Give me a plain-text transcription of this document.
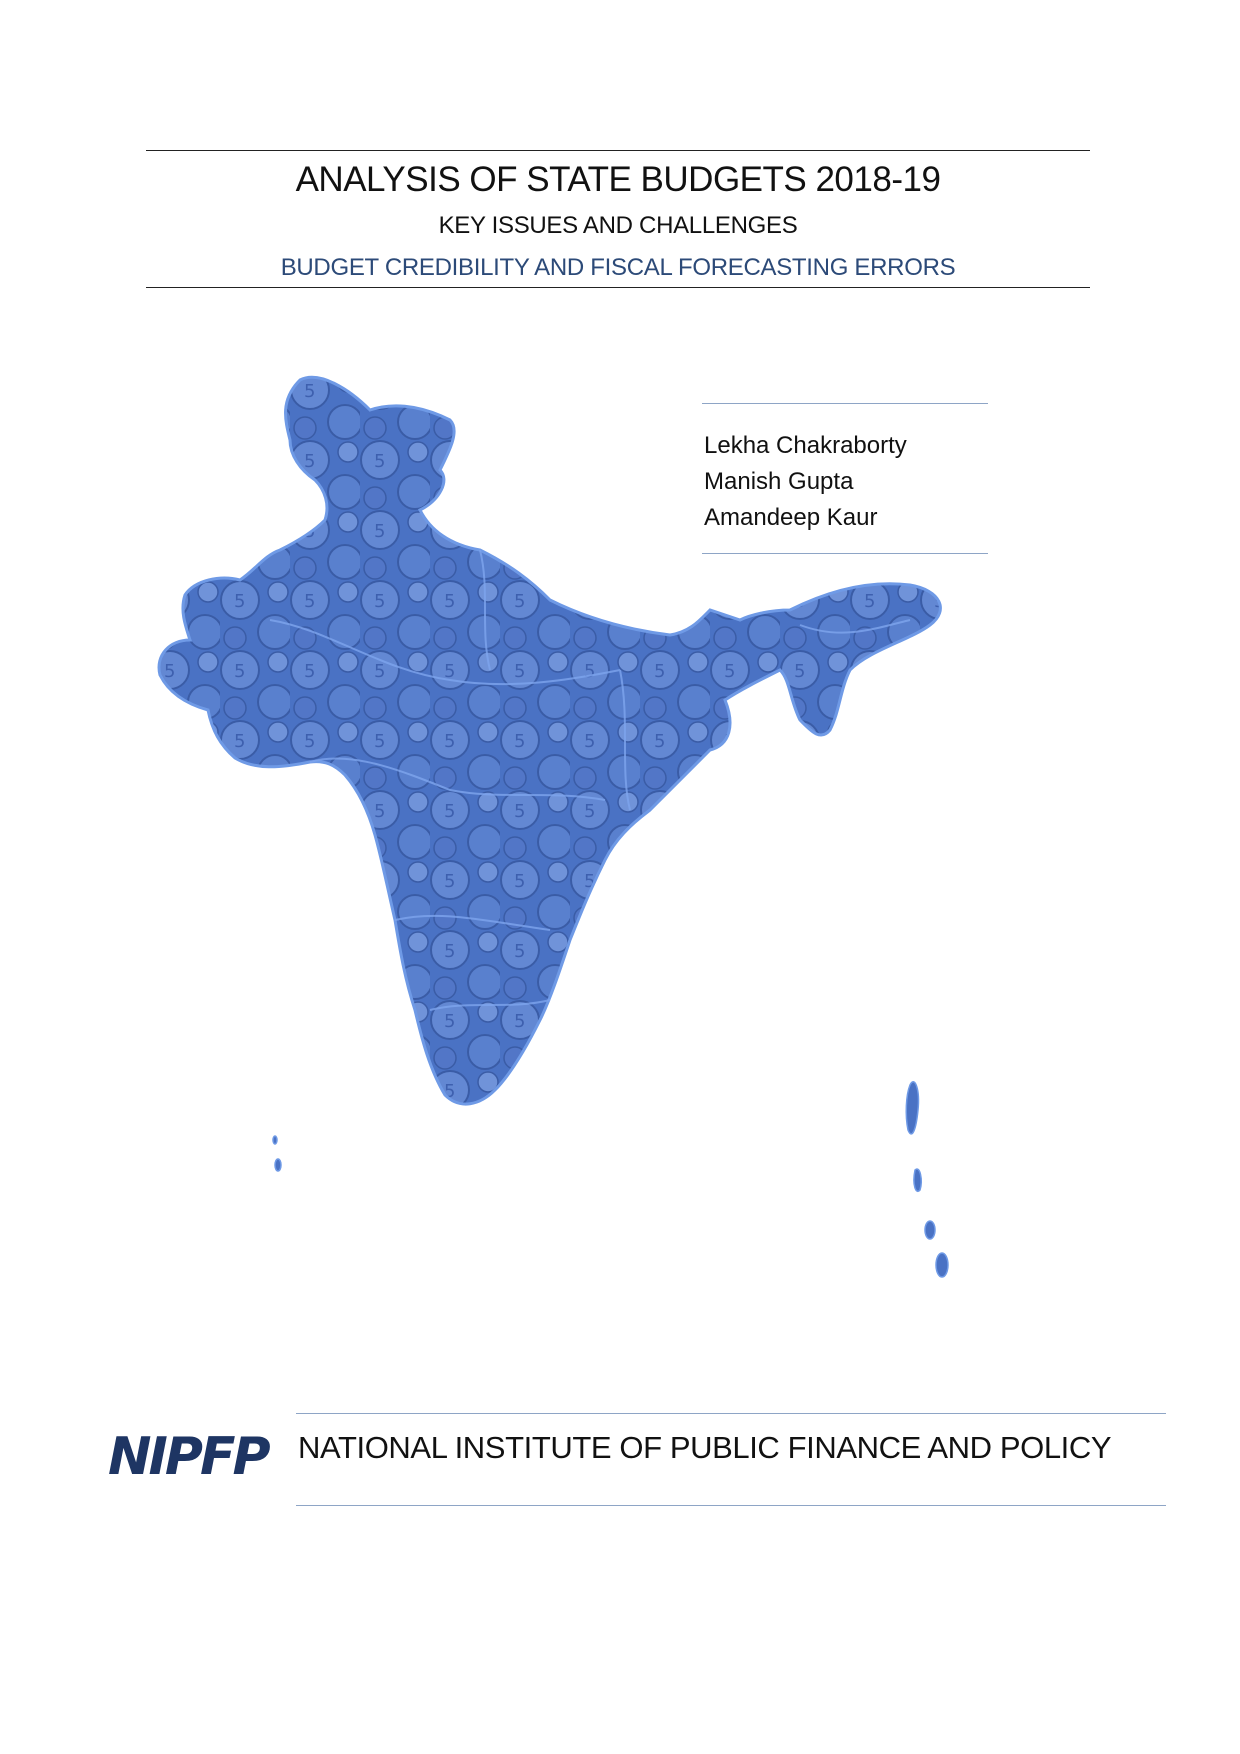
ANALYSIS OF STATE BUDGETS 2018-19
KEY ISSUES AND CHALLENGES
BUDGET CREDIBILITY AND FISCAL FORECASTING ERRORS
Lekha Chakraborty
Manish Gupta
Amandeep Kaur
NIPFP NATIONAL INSTITUTE OF PUBLIC FINANCE AND POLICY
